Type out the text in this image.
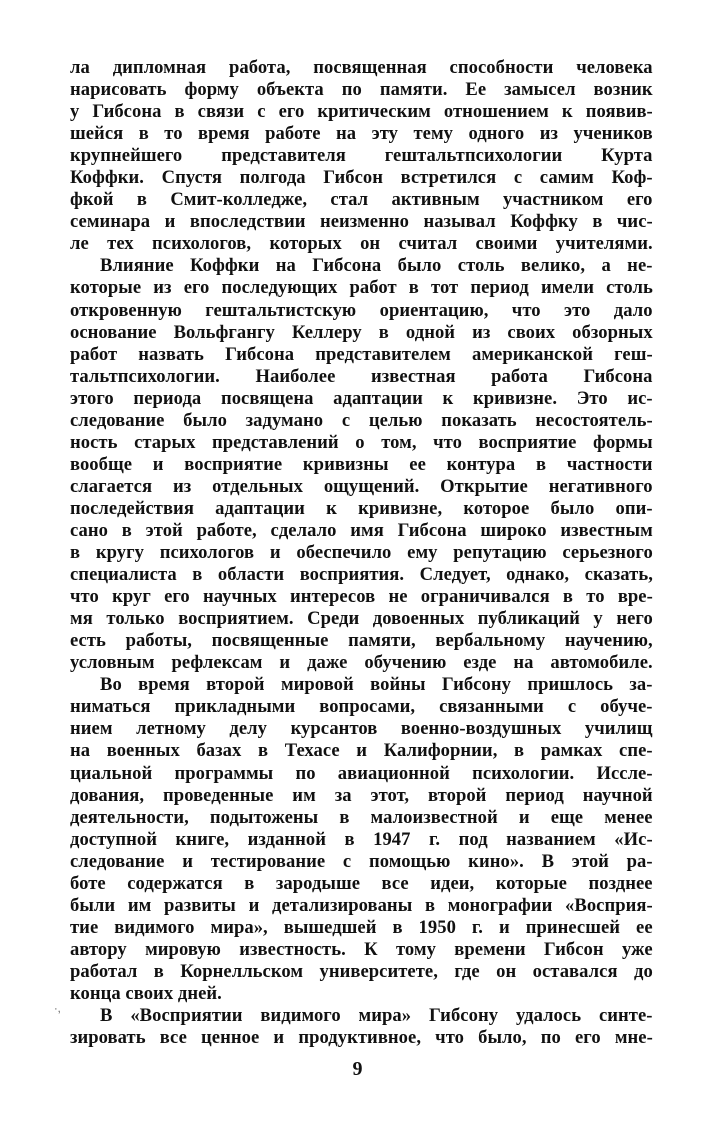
ла дипломная работа, посвященная способности человека
нарисовать форму объекта по памяти. Ее замысел возник
у Гибсона в связи с его критическим отношением к появив-
шейся в то время работе на эту тему одного из учеников
крупнейшего представителя гештальтпсихологии Курта
Коффки. Спустя полгода Гибсон встретился с самим Коф-
фкой в Смит-колледже, стал активным участником его
семинара и впоследствии неизменно называл Коффку в чис-
ле тех психологов, которых он считал своими учителями.
Влияние Коффки на Гибсона было столь велико, а не-
которые из его последующих работ в тот период имели столь
откровенную гештальтистскую ориентацию, что это дало
основание Вольфгангу Келлеру в одной из своих обзорных
работ назвать Гибсона представителем американской геш-
тальтпсихологии. Наиболее известная работа Гибсона
этого периода посвящена адаптации к кривизне. Это ис-
следование было задумано с целью показать несостоятель-
ность старых представлений о том, что восприятие формы
вообще и восприятие кривизны ее контура в частности
слагается из отдельных ощущений. Открытие негативного
последействия адаптации к кривизне, которое было опи-
сано в этой работе, сделало имя Гибсона широко известным
в кругу психологов и обеспечило ему репутацию серьезного
специалиста в области восприятия. Следует, однако, сказать,
что круг его научных интересов не ограничивался в то вре-
мя только восприятием. Среди довоенных публикаций у него
есть работы, посвященные памяти, вербальному научению,
условным рефлексам и даже обучению езде на автомобиле.
Во время второй мировой войны Гибсону пришлось за-
ниматься прикладными вопросами, связанными с обуче-
нием летному делу курсантов военно-воздушных училищ
на военных базах в Техасе и Калифорнии, в рамках спе-
циальной программы по авиационной психологии. Иссле-
дования, проведенные им за этот, второй период научной
деятельности, подытожены в малоизвестной и еще менее
доступной книге, изданной в 1947 г. под названием «Ис-
следование и тестирование с помощью кино». В этой ра-
боте содержатся в зародыше все идеи, которые позднее
были им развиты и детализированы в монографии «Восприя-
тие видимого мира», вышедшей в 1950 г. и принесшей ее
автору мировую известность. К тому времени Гибсон уже
работал в Корнелльском университете, где он оставался до
конца своих дней.
В «Восприятии видимого мира» Гибсону удалось синте-
зировать все ценное и продуктивное, что было, по его мне-
·,
9
